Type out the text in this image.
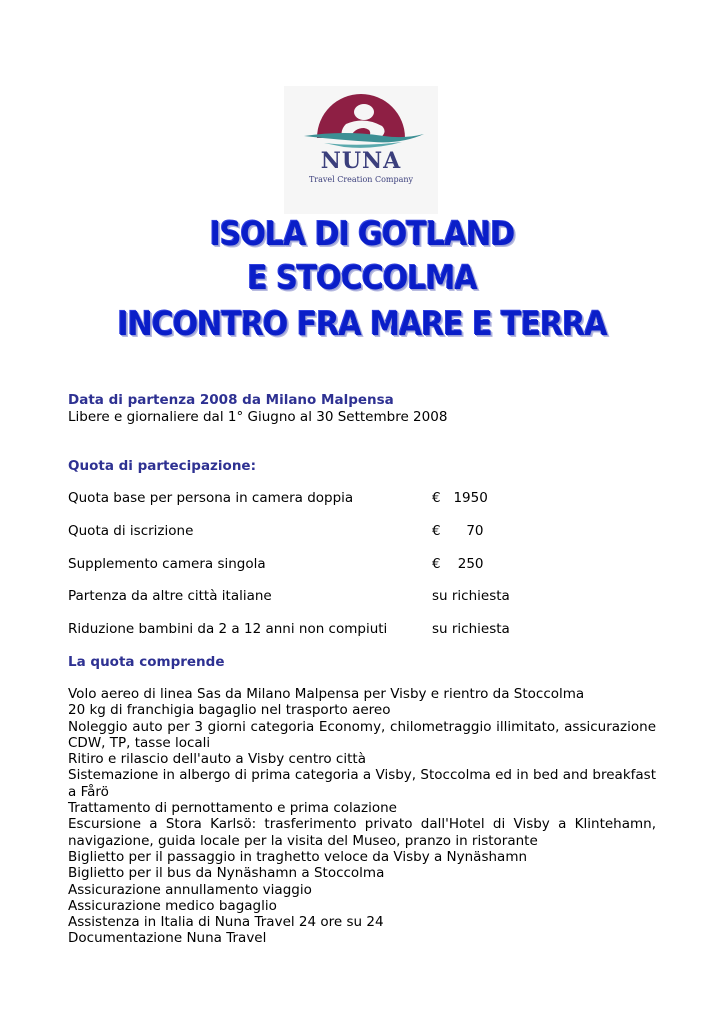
NUNA
Travel Creation Company
ISOLA DI GOTLAND
E STOCCOLMA
INCONTRO FRA MARE E TERRA
Data di partenza 2008 da Milano Malpensa
Libere e giornaliere dal 1° Giugno al 30 Settembre 2008
Quota di partecipazione:
Quota base per persona in camera doppia	€   1950
Quota di iscrizione	€      70
Supplemento camera singola	€    250
Partenza da altre città italiane	su richiesta
Riduzione bambini da 2 a 12 anni non compiuti	su richiesta
La quota comprende
Volo aereo di linea Sas da Milano Malpensa per Visby e rientro da Stoccolma
20 kg di franchigia bagaglio nel trasporto aereo
Noleggio auto per 3 giorni categoria Economy, chilometraggio illimitato, assicurazione CDW, TP, tasse locali
Ritiro e rilascio dell'auto a Visby centro città
Sistemazione in albergo di prima categoria a Visby, Stoccolma ed in bed and breakfast a Fårö
Trattamento di pernottamento e prima colazione
Escursione a Stora Karlsö: trasferimento privato dall'Hotel di Visby a Klintehamn, navigazione, guida locale per la visita del Museo, pranzo in ristorante
Biglietto per il passaggio in traghetto veloce da Visby a Nynäshamn
Biglietto per il bus da Nynäshamn a Stoccolma
Assicurazione annullamento viaggio
Assicurazione medico bagaglio
Assistenza in Italia di Nuna Travel 24 ore su 24
Documentazione Nuna Travel
